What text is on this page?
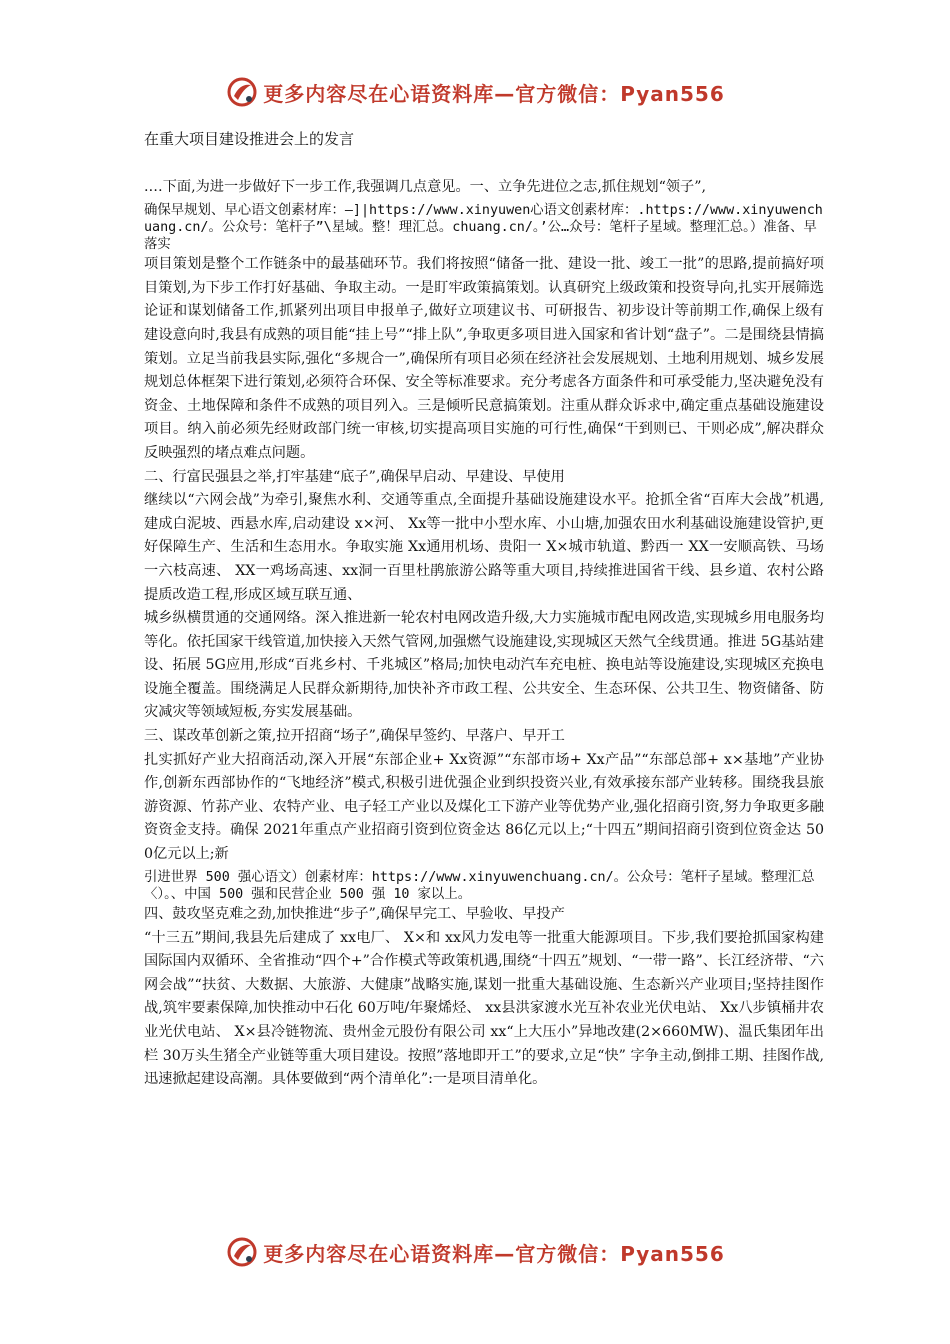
更多内容尽在心语资料库—官方微信：Pyan556

在重大项目建设推进会上的发言

.…下面,为进一步做好下一步工作,我强调几点意见。一、立争先进位之志,抓住规划“领子”,

确保早规划、早心语文创素材库：—]|https://www.xinyuwen心语文创素材库：.https://www.xinyuwenchuang.cn/。公众号：笔杆子”\星域。整！理汇总。chuang.cn/。’公…众号：笔杆子星域。整理汇总。）准备、早落实

项目策划是整个工作链条中的最基础环节。我们将按照“储备一批、建设一批、竣工一批”的思路,提前搞好项目策划,为下步工作打好基础、争取主动。一是盯牢政策搞策划。认真研究上级政策和投资导向,扎实开展筛选论证和谋划储备工作,抓紧列出项目申报单子,做好立项建议书、可研报告、初步设计等前期工作,确保上级有建设意向时,我县有成熟的项目能“挂上号”“排上队”,争取更多项目进入国家和省计划“盘子”。二是围绕县情搞策划。立足当前我县实际,强化“多规合一”,确保所有项目必须在经济社会发展规划、土地利用规划、城乡发展规划总体框架下进行策划,必须符合环保、安全等标准要求。充分考虑各方面条件和可承受能力,坚决避免没有资金、土地保障和条件不成熟的项目列入。三是倾听民意搞策划。注重从群众诉求中,确定重点基础设施建设项目。纳入前必须先经财政部门统一审核,切实提高项目实施的可行性,确保“干到则已、干则必成”,解决群众反映强烈的堵点难点问题。

二、行富民强县之举,打牢基建“底子”,确保早启动、早建设、早使用

继续以“六网会战”为牵引,聚焦水利、交通等重点,全面提升基础设施建设水平。抢抓全省“百库大会战”机遇,建成白泥坡、西悬水库,启动建设 x×河、 Xx等一批中小型水库、小山塘,加强农田水利基础设施建设管护,更好保障生产、生活和生态用水。争取实施 Xx通用机场、贵阳一 X×城市轨道、黔西一 XX一安顺高铁、马场一六枝高速、 XX一鸡场高速、xx洞一百里杜鹃旅游公路等重大项目,持续推进国省干线、县乡道、农村公路提质改造工程,形成区域互联互通、

城乡纵横贯通的交通网络。深入推进新一轮农村电网改造升级,大力实施城市配电网改造,实现城乡用电服务均等化。依托国家干线管道,加快接入天然气管网,加强燃气设施建设,实现城区天然气全线贯通。推进 5G基站建设、拓展 5G应用,形成“百兆乡村、千兆城区”格局;加快电动汽车充电桩、换电站等设施建设,实现城区充换电设施全覆盖。围绕满足人民群众新期待,加快补齐市政工程、公共安全、生态环保、公共卫生、物资储备、防灾减灾等领域短板,夯实发展基础。

三、谋改革创新之策,拉开招商“场子”,确保早签约、早落户、早开工

扎实抓好产业大招商活动,深入开展“东部企业+ Xx资源”“东部市场+ Xx产品”“东部总部+ x×基地”产业协作,创新东西部协作的“飞地经济”模式,积极引进优强企业到织投资兴业,有效承接东部产业转移。围绕我县旅游资源、竹荪产业、农特产业、电子轻工产业以及煤化工下游产业等优势产业,强化招商引资,努力争取更多融资资金支持。确保 2021年重点产业招商引资到位资金达 86亿元以上;“十四五”期间招商引资到位资金达 500亿元以上;新

引进世界 500 强心语文）创素材库：https://www.xinyuwenchuang.cn/。公众号：笔杆子星域。整理汇总〈）。、中国 500 强和民营企业 500 强 10 家以上。

四、鼓攻坚克难之劲,加快推进“步子”,确保早完工、早验收、早投产

“十三五”期间,我县先后建成了 xx电厂、 X×和 xx风力发电等一批重大能源项目。下步,我们要抢抓国家构建国际国内双循环、全省推动“四个+”合作模式等政策机遇,围绕“十四五”规划、“一带一路”、长江经济带、“六网会战”“扶贫、大数据、大旅游、大健康”战略实施,谋划一批重大基础设施、生态新兴产业项目;坚持挂图作战,筑牢要素保障,加快推动中石化 60万吨/年聚烯烃、 xx县洪家渡水光互补农业光伏电站、 Xx八步镇桶井农业光伏电站、 X×县冷链物流、贵州金元股份有限公司 xx“上大压小”异地改建(2×660MW)、温氏集团年出栏 30万头生猪全产业链等重大项目建设。按照”落地即开工”的要求,立足“快” 字争主动,倒排工期、挂图作战,迅速掀起建设高潮。具体要做到“两个清单化”:一是项目清单化。

更多内容尽在心语资料库—官方微信：Pyan556
